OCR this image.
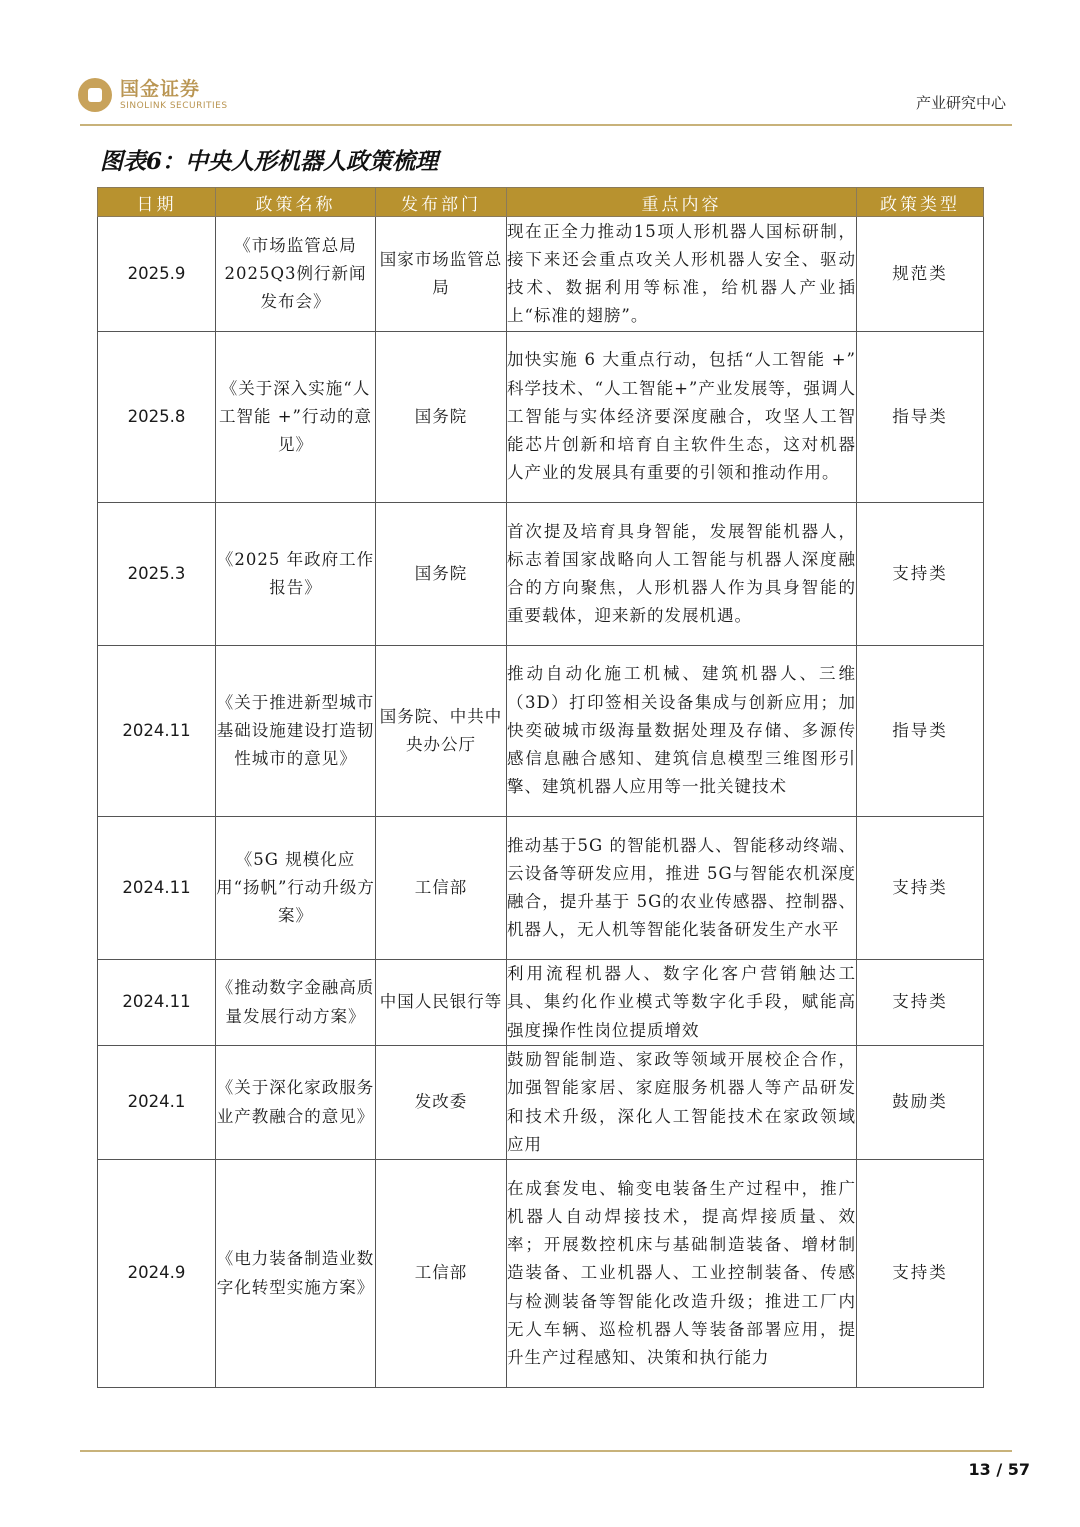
国金证券
SINOLINK SECURITIES	产业研究中心
图表6：中央人形机器人政策梳理
日期	政策名称	发布部门	重点内容	政策类型
2025.9	《市场监管总局2025Q3例行新闻发布会》	国家市场监管总局	现在正全力推动15项人形机器人国标研制，接下来还会重点攻关人形机器人安全、驱动技术、数据利用等标准，给机器人产业插上“标准的翅膀”。	规范类
2025.8	《关于深入实施“人工智能 +”行动的意见》	国务院	加快实施 6 大重点行动，包括“人工智能 +” 科学技术、“人工智能+”产业发展等，强调人工智能与实体经济要深度融合，攻坚人工智能芯片创新和培育自主软件生态，这对机器人产业的发展具有重要的引领和推动作用。	指导类
2025.3	《2025 年政府工作报告》	国务院	首次提及培育具身智能，发展智能机器人，标志着国家战略向人工智能与机器人深度融合的方向聚焦，人形机器人作为具身智能的重要载体，迎来新的发展机遇。	支持类
2024.11	《关于推进新型城市基础设施建设打造韧性城市的意见》	国务院、中共中央办公厅	推动自动化施工机械、建筑机器人、三维（3D）打印签相关设备集成与创新应用；加快奕破城市级海量数据处理及存储、多源传感信息融合感知、建筑信息模型三维图形引擎、建筑机器人应用等一批关键技术	指导类
2024.11	《5G 规模化应用“扬帆”行动升级方案》	工信部	推动基于5G 的智能机器人、智能移动终端、云设备等研发应用，推进 5G与智能农机深度融合，提升基于 5G的农业传感器、控制器、机器人，无人机等智能化装备研发生产水平	支持类
2024.11	《推动数字金融高质量发展行动方案》	中国人民银行等	利用流程机器人、数字化客户营销触达工具、集约化作业模式等数字化手段，赋能高强度操作性岗位提质增效	支持类
2024.1	《关于深化家政服务业产教融合的意见》	发改委	鼓励智能制造、家政等领域开展校企合作，加强智能家居、家庭服务机器人等产品研发和技术升级，深化人工智能技术在家政领域应用	鼓励类
2024.9	《电力装备制造业数字化转型实施方案》	工信部	在成套发电、输变电装备生产过程中，推广机器人自动焊接技术，提高焊接质量、效率；开展数控机床与基础制造装备、增材制造装备、工业机器人、工业控制装备、传感与检测装备等智能化改造升级；推进工厂内无人车辆、巡检机器人等装备部署应用，提升生产过程感知、决策和执行能力	支持类
13 / 57
